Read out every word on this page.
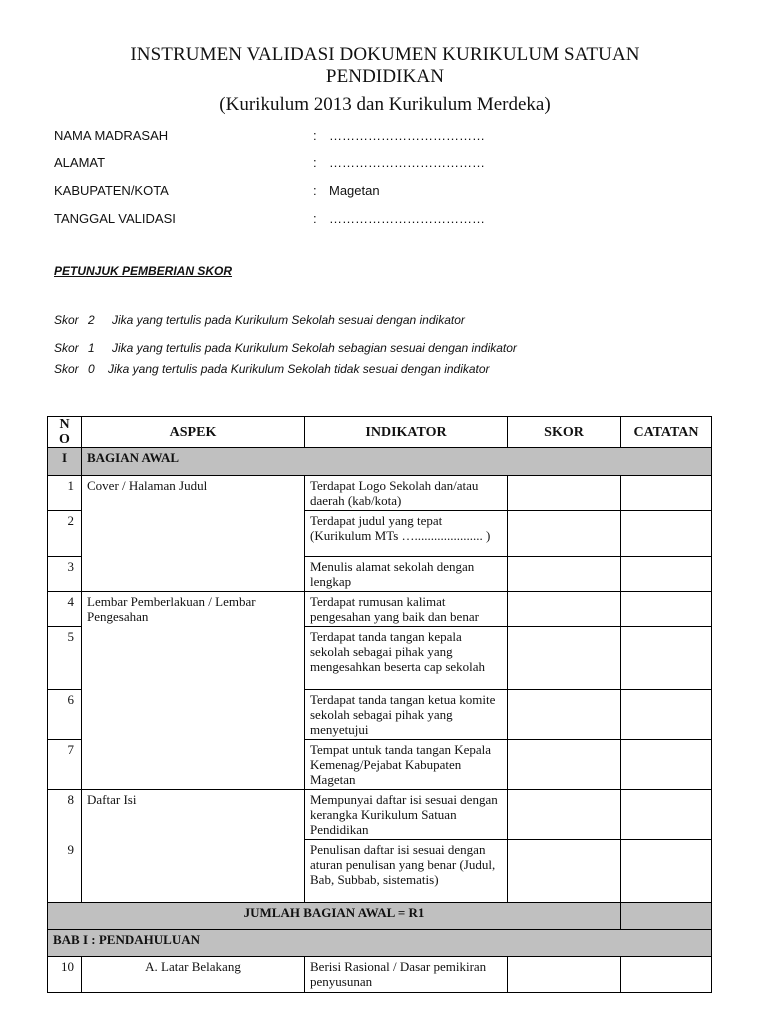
INSTRUMEN VALIDASI DOKUMEN KURIKULUM SATUAN
PENDIDIKAN
(Kurikulum 2013 dan Kurikulum Merdeka)
NAMA MADRASAH	: ………………………………
ALAMAT	: ………………………………
KABUPATEN/KOTA	: Magetan
TANGGAL VALIDASI	: ………………………………
PETUNJUK PEMBERIAN SKOR
Skor 2 Jika yang tertulis pada Kurikulum Sekolah sesuai dengan indikator
Skor 1 Jika yang tertulis pada Kurikulum Sekolah sebagian sesuai dengan indikator
Skor 0 Jika yang tertulis pada Kurikulum Sekolah tidak sesuai dengan indikator
N
O	ASPEK	INDIKATOR	SKOR	CATATAN
I	BAGIAN AWAL			
1	Cover / Halaman Judul	Terdapat Logo Sekolah dan/atau daerah (kab/kota)		
2		Terdapat judul yang tepat (Kurikulum MTs …..................... )		
3		Menulis alamat sekolah dengan lengkap		
4	Lembar Pemberlakuan / Lembar Pengesahan	Terdapat rumusan kalimat pengesahan yang baik dan benar		
5		Terdapat tanda tangan kepala sekolah sebagai pihak yang mengesahkan beserta cap sekolah		
6		Terdapat tanda tangan ketua komite sekolah sebagai pihak yang menyetujui		
7		Tempat untuk tanda tangan Kepala Kemenag/Pejabat Kabupaten Magetan		
8	Daftar Isi	Mempunyai daftar isi sesuai dengan kerangka Kurikulum Satuan Pendidikan		
9		Penulisan daftar isi sesuai dengan aturan penulisan yang benar (Judul, Bab, Subbab, sistematis)		
JUMLAH BAGIAN AWAL = R1				
BAB I : PENDAHULUAN				
10	A. Latar Belakang	Berisi Rasional / Dasar pemikiran penyusunan		
